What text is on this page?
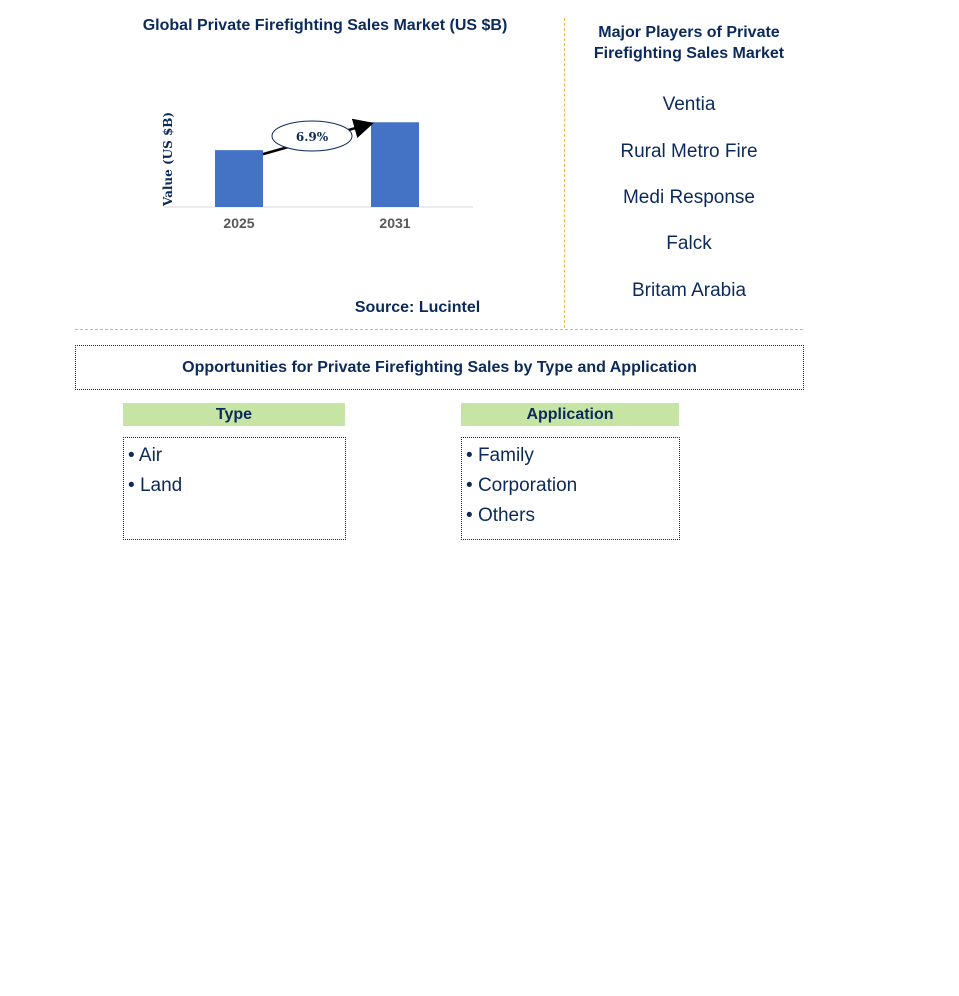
Global Private Firefighting Sales Market (US $B)
Value (US $B)
2025	2031
6.9%
Source: Lucintel
Major Players of Private Firefighting Sales Market
Ventia
Rural Metro Fire
Medi Response
Falck
Britam Arabia
Opportunities for Private Firefighting Sales by Type and Application
Type
• Air
• Land
Application
• Family
• Corporation
• Others
